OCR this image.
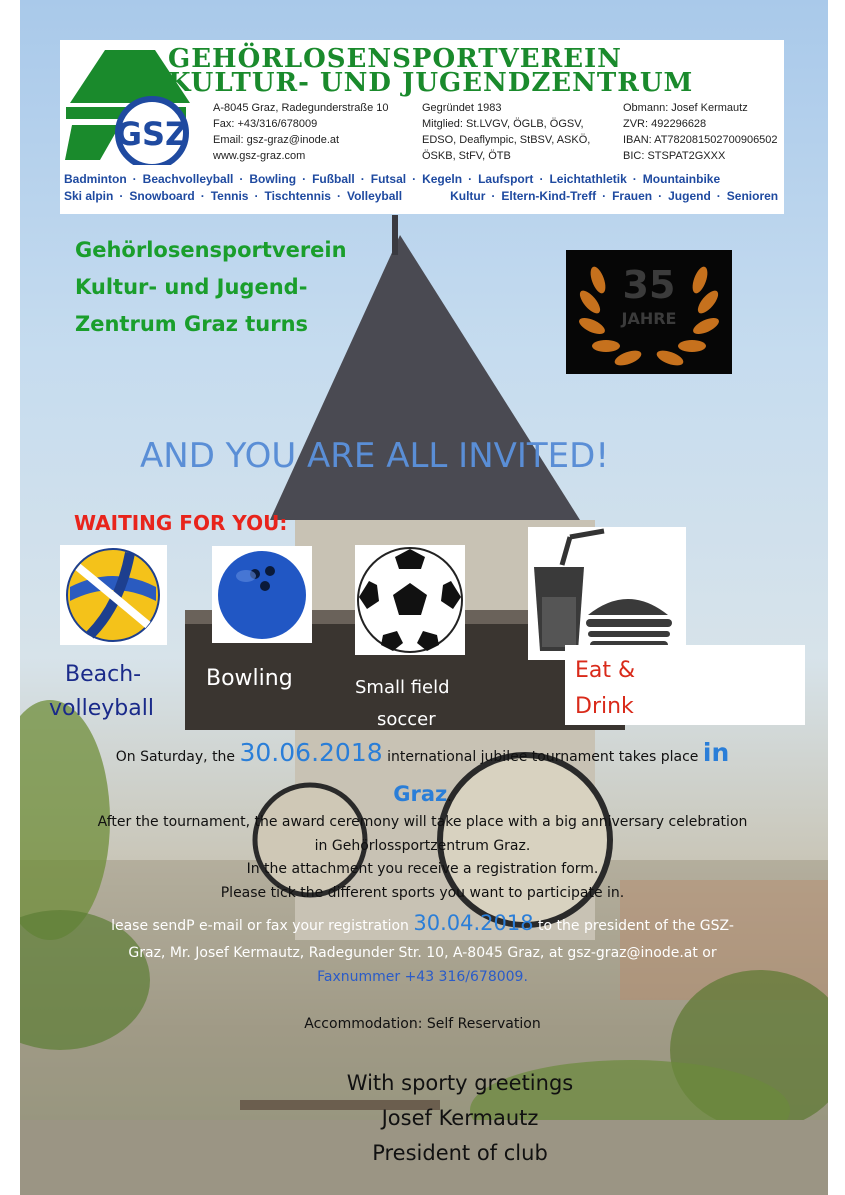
GSZ
GEHÖRLOSENSPORTVEREIN
KULTUR- UND JUGENDZENTRUM
A-8045 Graz, Radegunderstraße 10
Fax: +43/316/678009
Email: gsz-graz@inode.at
www.gsz-graz.com
Gegründet 1983
Mitglied: St.LVGV, ÖGLB, ÖGSV,
EDSO, Deaflympic, StBSV, ASKÖ,
ÖSKB, StFV, ÖTB
Obmann: Josef Kermautz
ZVR: 492296628
IBAN: AT782081502700906502
BIC: STSPAT2GXXX
Badminton · Beachvolleyball · Bowling · Fußball · Futsal · Kegeln · Laufsport · Leichtathletik · Mountainbike
Ski alpin · Snowboard · Tennis · Tischtennis · Volleyball	Kultur · Eltern-Kind-Treff · Frauen · Jugend · Senioren
Gehörlosensportverein
Kultur- und Jugend-
Zentrum Graz turns
35
JAHRE
AND YOU ARE ALL INVITED!
WAITING FOR YOU:
Beach-
volleyball
Bowling	Small field
soccer
Eat &
Drink
On Saturday, the 30.06.2018 international jubilee tournament takes place in
Graz.
After the tournament, the award ceremony will take place with a big anniversary celebration
in Gehörlossportzentrum Graz.
In the attachment you receive a registration form.
Please tick the different sports you want to participate in.
lease sendP e-mail or fax your registration 30.04.2018 to the president of the GSZ-
Graz, Mr. Josef Kermautz, Radegunder Str. 10, A-8045 Graz, at gsz-graz@inode.at or
Faxnummer +43 316/678009.
Accommodation: Self Reservation
With sporty greetings
Josef Kermautz
President of club
